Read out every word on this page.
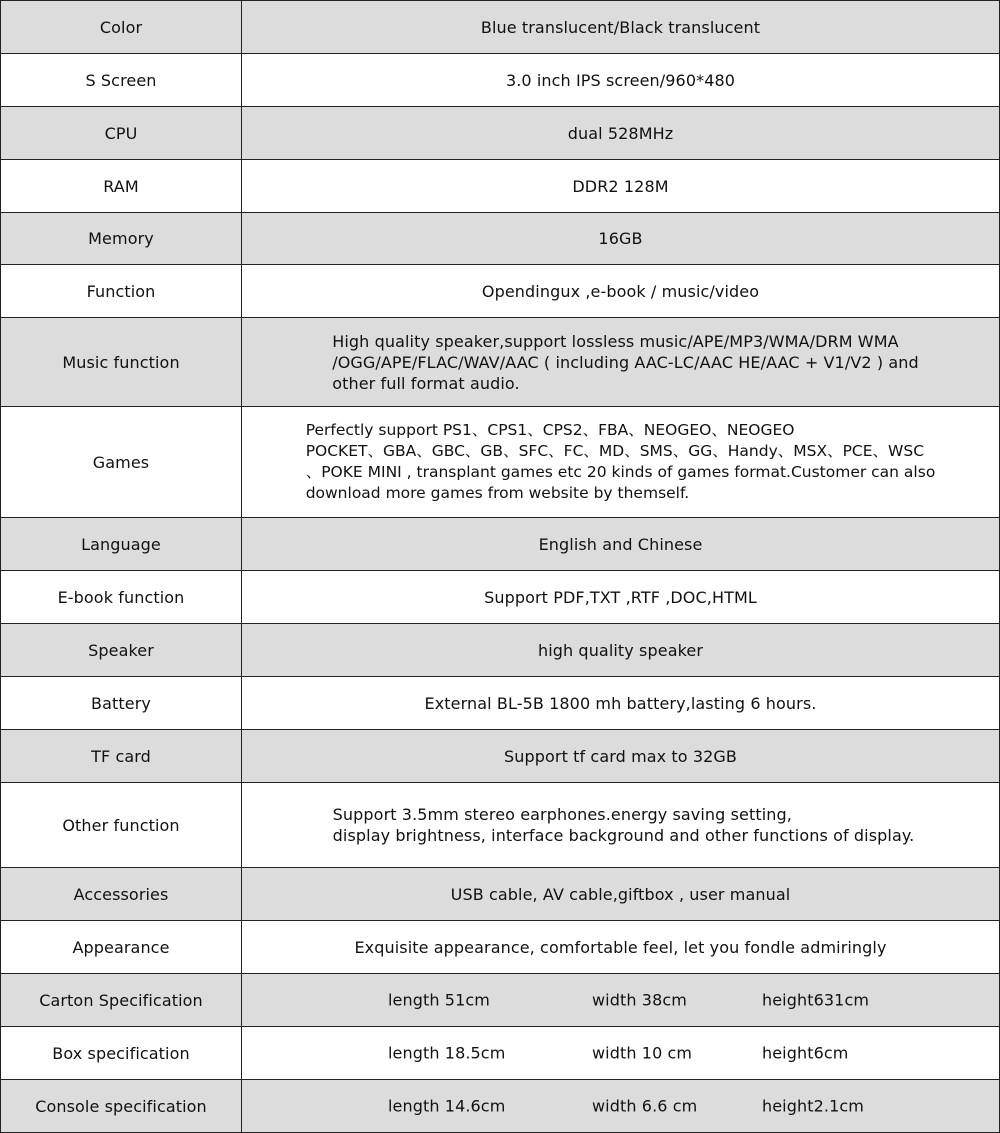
Color	Blue translucent/Black translucent
S Screen	3.0 inch IPS screen/960*480
CPU	dual 528MHz
RAM	DDR2 128M
Memory	16GB
Function	Opendingux ,e-book / music/video
Music function	High quality speaker,support lossless music/APE/MP3/WMA/DRM WMA
/OGG/APE/FLAC/WAV/AAC ( including AAC-LC/AAC HE/AAC + V1/V2 ) and
other full format audio.

Games	Perfectly support PS1、CPS1、CPS2、FBA、NEOGEO、NEOGEO
POCKET、GBA、GBC、GB、SFC、FC、MD、SMS、GG、Handy、MSX、PCE、WSC
、POKE MINI , transplant games etc 20 kinds of games format.Customer can also
download more games from website by themself.

Language	English and Chinese
E-book function	Support PDF,TXT ,RTF ,DOC,HTML
Speaker	high quality speaker
Battery	External BL-5B 1800 mh battery,lasting 6 hours.
TF card	Support tf card max to 32GB
Other function	Support 3.5mm stereo earphones.energy saving setting,
display brightness, interface background and other functions of display.

Accessories	USB cable, AV cable,giftbox , user manual
Appearance	Exquisite appearance, comfortable feel, let you fondle admiringly
Carton Specification	length 51cm width 38cm height631cm

Box specification	length 18.5cm width 10 cm height6cm

Console specification	length 14.6cm width 6.6 cm height2.1cm
